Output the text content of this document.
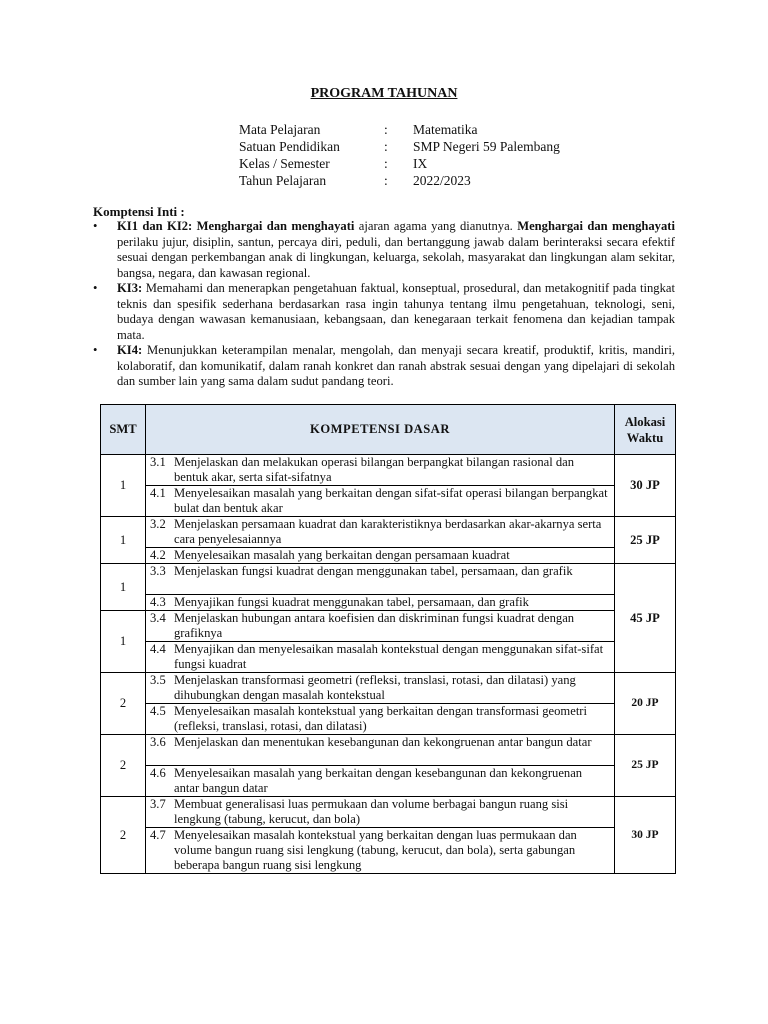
PROGRAM TAHUNAN
Mata Pelajaran	:	Matematika
Satuan Pendidikan	:	SMP Negeri 59 Palembang
Kelas / Semester	:	IX
Tahun Pelajaran	:	2022/2023
Komptensi Inti :
• KI1 dan KI2: Menghargai dan menghayati ajaran agama yang dianutnya. Menghargai dan menghayati perilaku jujur, disiplin, santun, percaya diri, peduli, dan bertanggung jawab dalam berinteraksi secara efektif sesuai dengan perkembangan anak di lingkungan, keluarga, sekolah, masyarakat dan lingkungan alam sekitar, bangsa, negara, dan kawasan regional.
• KI3: Memahami dan menerapkan pengetahuan faktual, konseptual, prosedural, dan metakognitif pada tingkat teknis dan spesifik sederhana berdasarkan rasa ingin tahunya tentang ilmu pengetahuan, teknologi, seni, budaya dengan wawasan kemanusiaan, kebangsaan, dan kenegaraan terkait fenomena dan kejadian tampak mata.
• KI4: Menunjukkan keterampilan menalar, mengolah, dan menyaji secara kreatif, produktif, kritis, mandiri, kolaboratif, dan komunikatif, dalam ranah konkret dan ranah abstrak sesuai dengan yang dipelajari di sekolah dan sumber lain yang sama dalam sudut pandang teori.
SMT	KOMPETENSI DASAR	Alokasi
Waktu

1	3.1 Menjelaskan dan melakukan operasi bilangan berpangkat bilangan rasional dan bentuk akar, serta sifat-sifatnya	30 JP

	4.1 Menyelesaikan masalah yang berkaitan dengan sifat-sifat operasi bilangan berpangkat bulat dan bentuk akar	

1	3.2 Menjelaskan persamaan kuadrat dan karakteristiknya berdasarkan akar-akarnya serta cara penyelesaiannya	25 JP

	4.2 Menyelesaikan masalah yang berkaitan dengan persamaan kuadrat	

1	3.3 Menjelaskan fungsi kuadrat dengan menggunakan tabel, persamaan, dan grafik	45 JP

	4.3 Menyajikan fungsi kuadrat menggunakan tabel, persamaan, dan grafik	

1	3.4 Menjelaskan hubungan antara koefisien dan diskriminan fungsi kuadrat dengan grafiknya	

	4.4 Menyajikan dan menyelesaikan masalah kontekstual dengan menggunakan sifat-sifat fungsi kuadrat	

2	3.5 Menjelaskan transformasi geometri (refleksi, translasi, rotasi, dan dilatasi) yang dihubungkan dengan masalah kontekstual	20 JP

	4.5 Menyelesaikan masalah kontekstual yang berkaitan dengan transformasi geometri (refleksi, translasi, rotasi, dan dilatasi)	

2	3.6 Menjelaskan dan menentukan kesebangunan dan kekongruenan antar bangun datar	25 JP

	4.6 Menyelesaikan masalah yang berkaitan dengan kesebangunan dan kekongruenan antar bangun datar	

2	3.7 Membuat generalisasi luas permukaan dan volume berbagai bangun ruang sisi lengkung (tabung, kerucut, dan bola)	30 JP

	4.7 Menyelesaikan masalah kontekstual yang berkaitan dengan luas permukaan dan volume bangun ruang sisi lengkung (tabung, kerucut, dan bola), serta gabungan beberapa bangun ruang sisi lengkung	
